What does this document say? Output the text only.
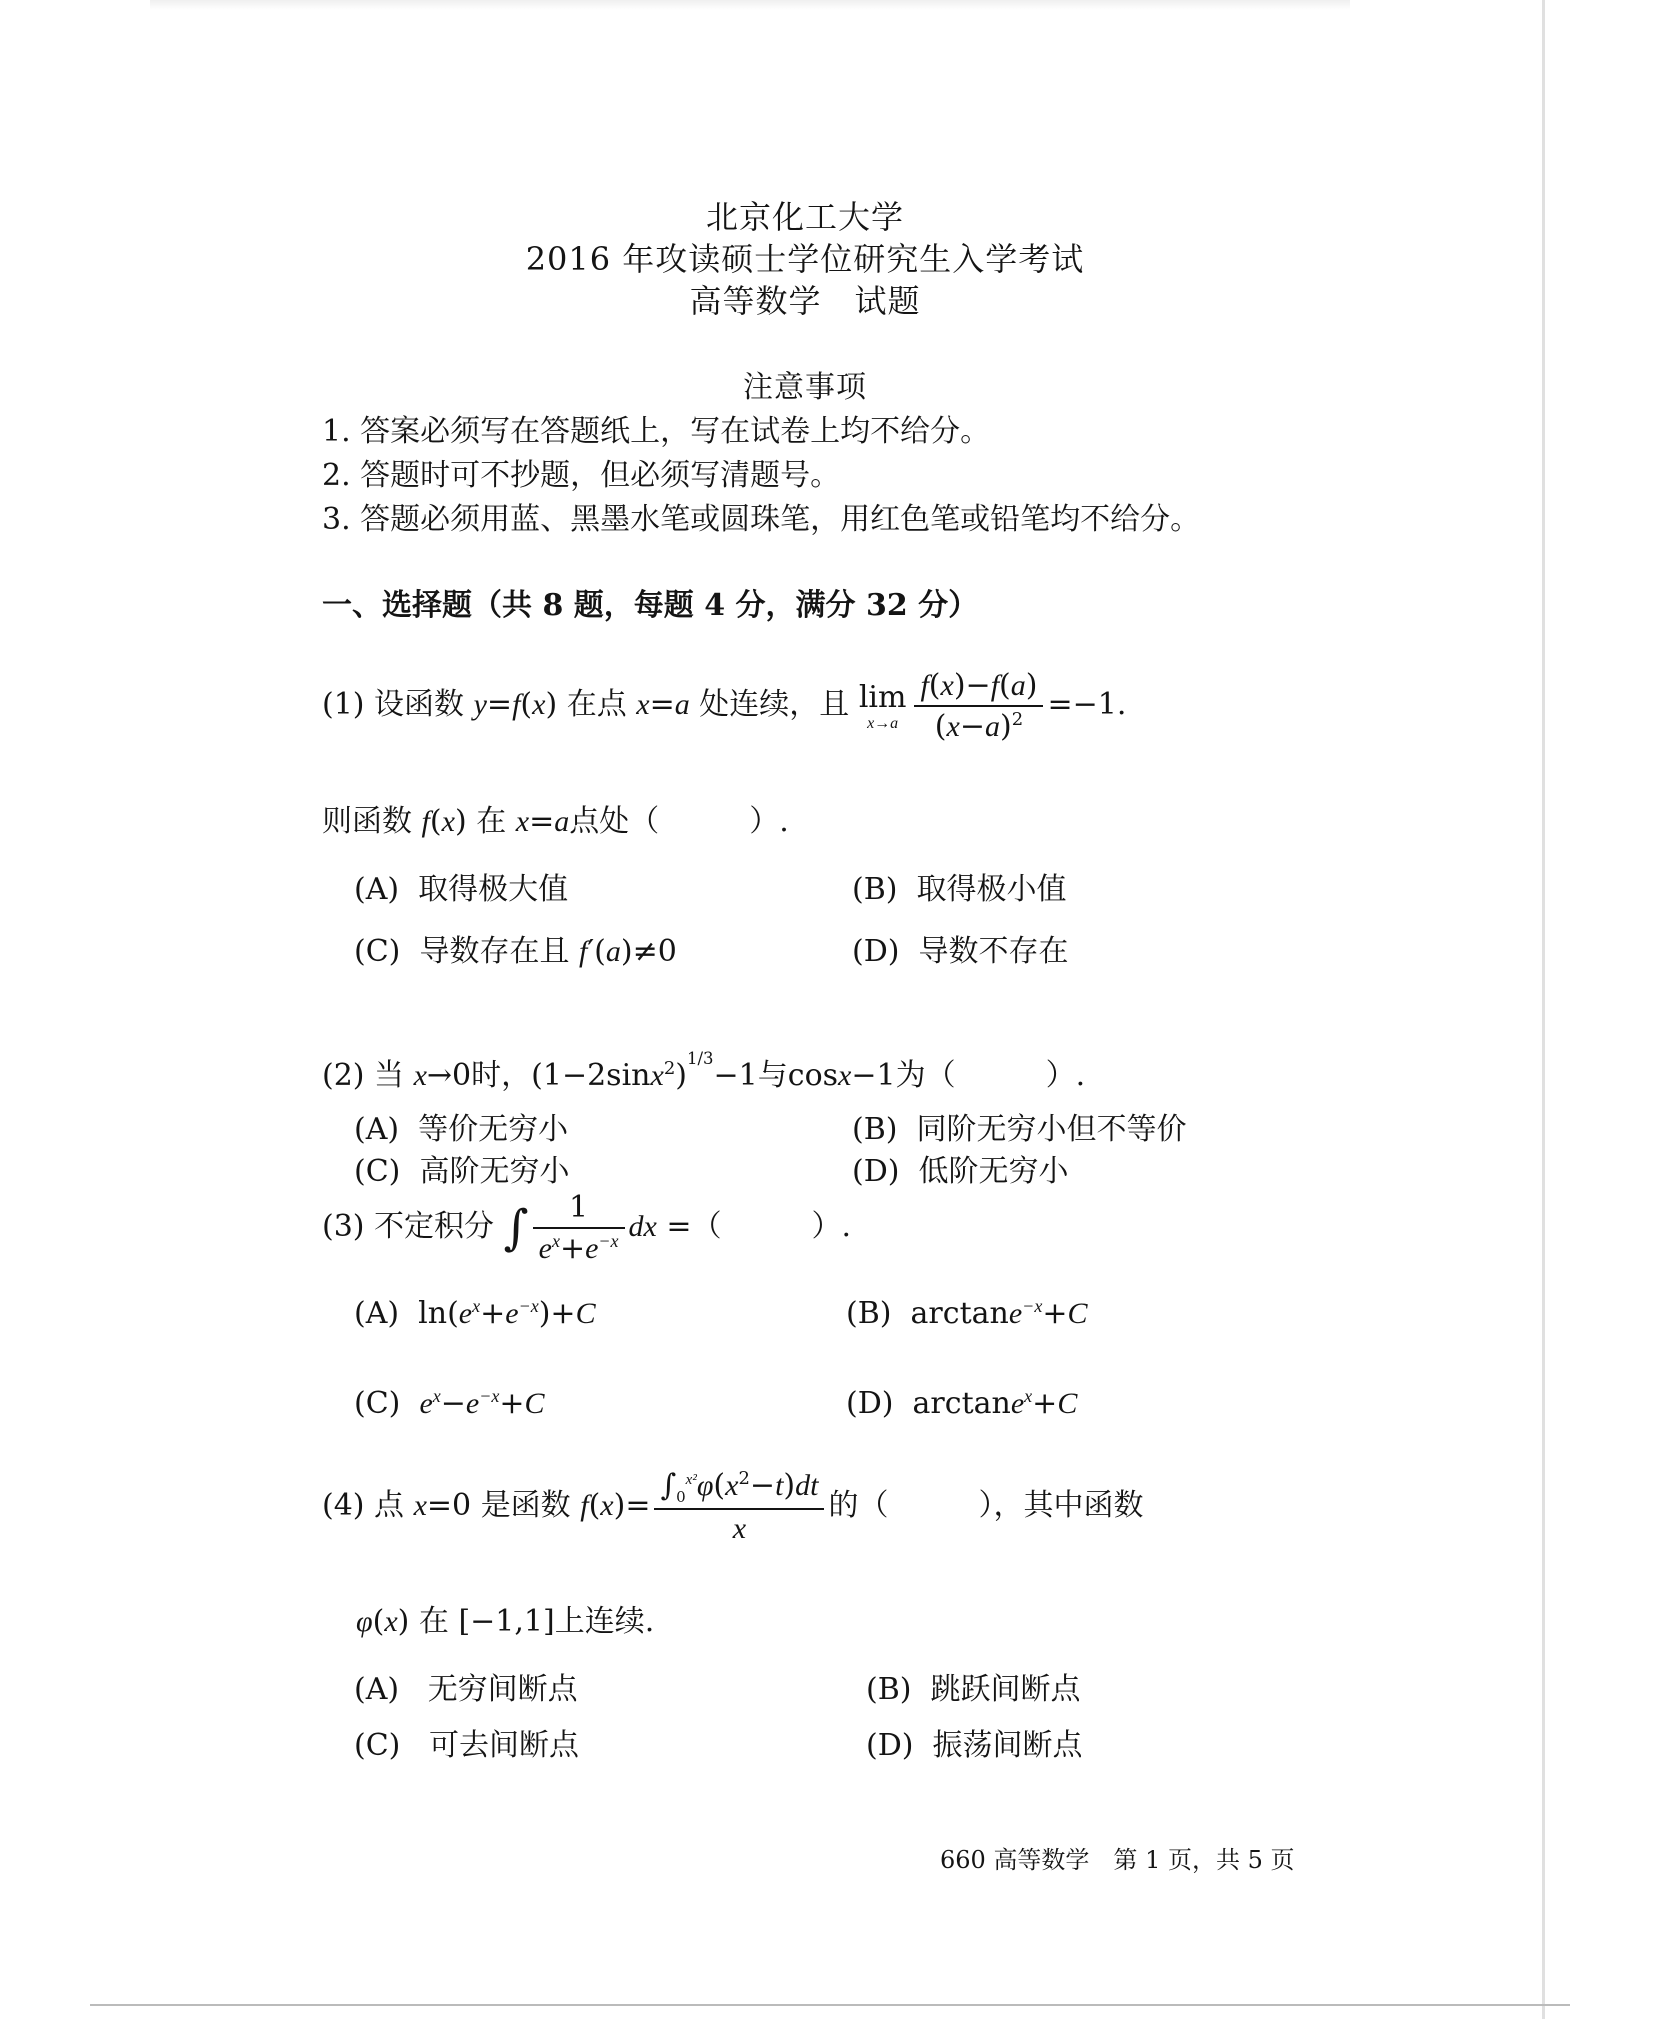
北京化工大学
2016 年攻读硕士学位研究生入学考试
高等数学　试题
注意事项
1. 答案必须写在答题纸上，写在试卷上均不给分。
2. 答题时可不抄题，但必须写清题号。
3. 答题必须用蓝、黑墨水笔或圆珠笔，用红色笔或铅笔均不给分。
一、选择题（共 8 题，每题 4 分，满分 32 分）
(1) 设函数 y=f(x) 在点 x=a 处连续，且 lim
$x\to a \frac{f(x)-f(a)}{(x-a)^2} =-1$.
则函数 f(x) 在 x=a点处（　　　）.
(A) 取得极大值	(B) 取得极小值
(C) 导数存在且 f′(a)≠0	(D) 导数不存在
(2) 当 x→0时，$(1-2\sin x^2)^{1/3}-1$与cosx−1为（　　　）.
(A) 等价无穷小	(B) 同阶无穷小但不等价
(C) 高阶无穷小	(D) 低阶无穷小
(3) 不定积分 ∫ $\frac{1}{e^x+e^{-x}}$ dx =（　　　）.
(A)  $\ln(e^x+e^{-x})+C$	(B)  arctane$^{-x}$+C
(C) $e^x-e^{-x}+C$	(D)  arctane$^x$+C
(4) 点 x=0 是函数 $f(x)= \frac{\int_0^{x^2}\varphi(x^2-t)dt}{x}$ 的（　　　），其中函数
φ(x) 在 [−1,1]上连续.
(A) 无穷间断点	(B) 跳跃间断点
(C) 可去间断点	(D) 振荡间断点
660 高等数学　第 1 页，共 5 页
